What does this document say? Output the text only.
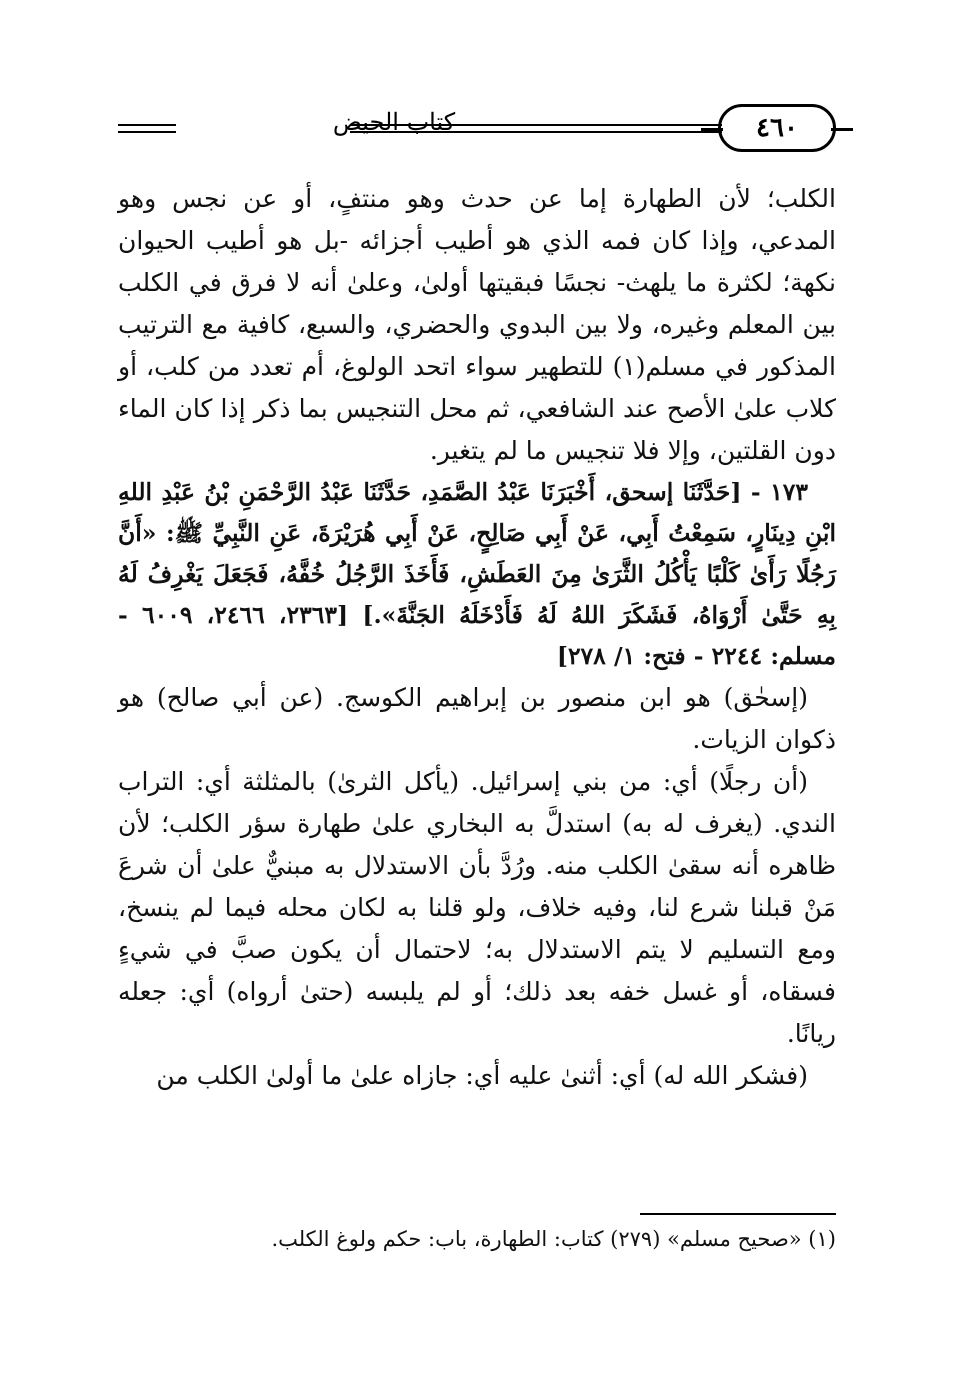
كتاب الحيض	٤٦٠

الكلب؛ لأن الطهارة إما عن حدث وهو منتفٍ، أو عن نجس وهو المدعي، وإذا كان فمه الذي هو أطيب أجزائه -بل هو أطيب الحيوان نكهة؛ لكثرة ما يلهث- نجسًا فبقيتها أولىٰ، وعلىٰ أنه لا فرق في الكلب بين المعلم وغيره، ولا بين البدوي والحضري، والسبع، كافية مع الترتيب المذكور في مسلم(١) للتطهير سواء اتحد الولوغ، أم تعدد من كلب، أو كلاب علىٰ الأصح عند الشافعي، ثم محل التنجيس بما ذكر إذا كان الماء دون القلتين، وإلا فلا تنجيس ما لم يتغير.

١٧٣ - [حَدَّثَنَا إسحق، أَخْبَرَنَا عَبْدُ الصَّمَدِ، حَدَّثَنَا عَبْدُ الرَّحْمَنِ بْنُ عَبْدِ اللهِ ابْنِ دِينَارٍ، سَمِعْتُ أَبِي، عَنْ أَبِي صَالِحٍ، عَنْ أَبِي هُرَيْرَةَ، عَنِ النَّبِيِّ ﷺ: «أَنَّ رَجُلًا رَأَىٰ كَلْبًا يَأْكُلُ الثَّرَىٰ مِنَ العَطَشِ، فَأَخَذَ الرَّجُلُ خُفَّهُ، فَجَعَلَ يَغْرِفُ لَهُ بِهِ حَتَّىٰ أَرْوَاهُ، فَشَكَرَ اللهُ لَهُ فَأَدْخَلَهُ الجَنَّةَ».] [٢٣٦٣، ٢٤٦٦، ٦٠٠٩ - مسلم: ٢٢٤٤ - فتح: ١/ ٢٧٨]

(إسحٰق) هو ابن منصور بن إبراهيم الكوسج. (عن أبي صالح) هو ذكوان الزيات.

(أن رجلًا) أي: من بني إسرائيل. (يأكل الثرىٰ) بالمثلثة أي: التراب الندي. (يغرف له به) استدلَّ به البخاري علىٰ طهارة سؤر الكلب؛ لأن ظاهره أنه سقىٰ الكلب منه. ورُدَّ بأن الاستدلال به مبنيٌّ علىٰ أن شرعَ مَنْ قبلنا شرع لنا، وفيه خلاف، ولو قلنا به لكان محله فيما لم ينسخ، ومع التسليم لا يتم الاستدلال به؛ لاحتمال أن يكون صبَّ في شيءٍ فسقاه، أو غسل خفه بعد ذلك؛ أو لم يلبسه (حتىٰ أرواه) أي: جعله ريانًا.

(فشكر الله له) أي: أثنىٰ عليه أي: جازاه علىٰ ما أولىٰ الكلب من

(١) «صحيح مسلم» (٢٧٩) كتاب: الطهارة، باب: حكم ولوغ الكلب.
